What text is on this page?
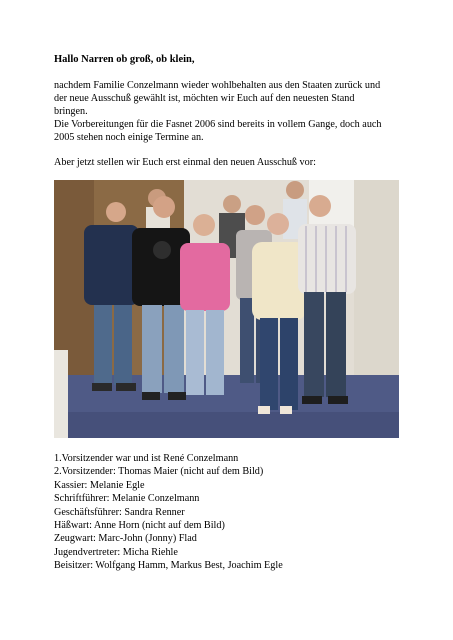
Hallo Narren ob groß, ob klein,

nachdem Familie Conzelmann wieder wohlbehalten aus den Staaten zurück und
der neue Ausschuß gewählt ist, möchten wir Euch auf den neuesten Stand
bringen.
Die Vorbereitungen für die Fasnet 2006 sind bereits in vollem Gange, doch auch
2005 stehen noch einige Termine an.

Aber jetzt stellen wir Euch erst einmal den neuen Ausschuß vor:

1.Vorsitzender war und ist René Conzelmann
2.Vorsitzender: Thomas Maier (nicht auf dem Bild)
Kassier: Melanie Egle
Schriftführer: Melanie Conzelmann
Geschäftsführer: Sandra Renner
Häßwart: Anne Horn (nicht auf dem Bild)
Zeugwart: Marc-John (Jonny) Flad
Jugendvertreter: Micha Riehle
Beisitzer: Wolfgang Hamm, Markus Best, Joachim Egle
